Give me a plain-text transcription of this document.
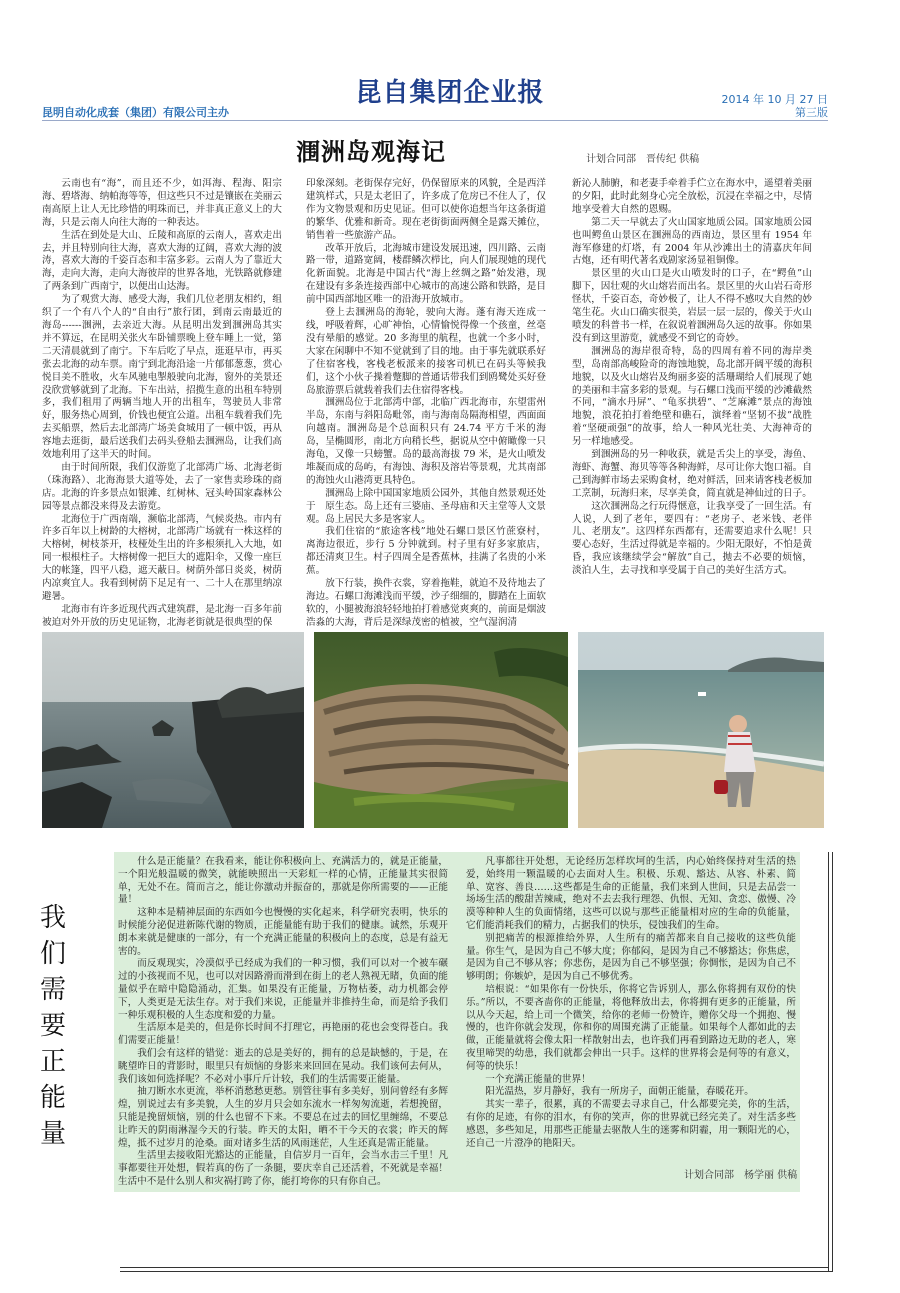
昆自集团企业报
昆明自动化成套（集团）有限公司主办
2014 年 10 月 27 日
第三版
涠洲岛观海记	计划合同部　晋传纪 供稿

云南也有“海”，而且还不少，如洱海、程海、阳宗海、碧塔海、纳帕海等等，但这些只不过是镶嵌在美丽云南高原上让人无比珍惜的明珠而已，并非真正意义上的大海，只是云南人向往大海的一种表达。

生活在到处是大山、丘陵和高原的云南人，喜欢走出去，并且特别向往大海，喜欢大海的辽阔，喜欢大海的波涛，喜欢大海的千姿百态和丰富多彩。云南人为了靠近大海，走向大海，走向大海彼岸的世界各地，光铁路就修建了两条到广西南宁，以便出山达海。

为了观赏大海、感受大海，我们几位老朋友相约，组织了一个有八个人的“自由行”旅行团，到南云南最近的海岛------涠洲，去亲近大海。从昆明出发到涠洲岛其实并不算远，在昆明关张火车卧铺票晚上登车睡上一觉，第二天清晨就到了南宁。下车后吃了早点，逛逛早市，再买张去北海的动车票。南宁到北海沿途一片郁郁葱葱，赏心悦目美不胜收，火车风驰电掣般驶向北海，窗外的美景还没欣赏够就到了北海。下车出站，招揽生意的出租车特别多，我们租用了两辆当地人开的出租车，驾驶员人非常好，服务热心周到，价钱也便宜公道。出租车载着我们先去买船票，然后去北部湾广场美食城用了一顿中饭，再从容地去逛街，最后送我们去码头登船去涠洲岛，让我们高效地利用了这半天的时间。

由于时间所限，我们仅游览了北部湾广场、北海老街（珠海路）、北海海景大道等处，去了一家售卖珍珠的商店。北海的许多景点如银滩、红树林、冠头岭国家森林公园等景点都没来得及去游览。

北海位于广西南端，濒临北部湾，气候炎热。市内有许多百年以上树龄的大榕树，北部湾广场就有一株这样的大榕树，树枝茶开，枝桠处生出的许多根须扎入大地，如同一根根柱子。大榕树像一把巨大的遮阳伞，又像一座巨大的帐篷，四平八稳，遮天蔽日。树荫外部日炎炎，树荫内凉爽宜人。我看到树荫下足足有一、二十人在那里纳凉避暑。

北海市有许多近现代西式建筑群，是北海一百多年前被迫对外开放的历史见证物，北海老街就是很典型的保

印象深刻。老街保存完好，仍保留原来的风貌，全是西洋建筑样式，只是太老旧了，许多成了危房已不住人了，仅作为文物景观和历史见证。但可以使你追想当年这条街道的繁华、优雅和新奇。现在老街街面两侧全是露天摊位，销售着一些旅游产品。

改革开放后，北海城市建设发展迅速，四川路、云南路一带，道路宽阔，楼群鳞次栉比，向人们展现她的现代化新面貌。北海是中国古代“海上丝绸之路”始发港，现在建设有多条连接西部中心城市的高速公路和铁路，是目前中国西部地区唯一的沿海开放城市。

登上去涠洲岛的海轮，驶向大海。蓬有海天连成一线，呼吸着辉，心旷神怡，心情愉悦得像一个孩童，丝毫没有晕船的感觉。20 多海里的航程，也就一个多小时，大家在闲聊中不知不觉就到了目的地。由于事先就联系好了住宿客栈，客栈老板派来的接客司机已在码头等候我们，这个小伙子操着蹩脚的普通话带我们到鸥鹭处买好登岛旅游票后就载着我们去住宿得客栈。

涠洲岛位于北部湾中部，北临广西北海市，东望雷州半岛，东南与斜阳岛毗邻，南与海南岛隔海相望，西面面向越南。涠洲岛是个总面积只有 24.74 平方千米的海岛，呈椭圆形，南北方向稍长些，据说从空中俯瞰像一只海龟，又像一只螃蟹。岛的最高海拔 79 米，是火山喷发堆凝而成的岛屿，有海蚀、海积及溶岩等景观，尤其南部的海蚀火山港湾更具特色。

涠洲岛上除中国国家地质公园外，其他自然景观还处于　原生态。岛上还有三婆庙、圣母庙和天主堂等人文景观。岛上居民大多是客家人。

我们住宿的“旅途客栈”地处石螺口景区竹蔗寮村，离海边很近，步行 5 分钟就到。村子里有好多家旅店，都还清爽卫生。村子四周全是香蕉林，挂满了名贵的小米蕉。

放下行装，换件衣裳，穿着拖鞋，就迫不及待地去了海边。石螺口海滩浅而平缓，沙子细细的，脚踏在上面软软的，小腿被海浪轻轻地拍打着感觉爽爽的，前面是烟波浩淼的大海，背后是深绿茂密的植被，空气湿润清

新沁人肺腑，和老妻手牵着手伫立在海水中，遥望着美丽的夕阳，此时此刻身心完全放松，沉浸在幸福之中，尽情地享受着大自然的恩赐。

第二天一早就去了火山国家地质公园。国家地质公园也叫鳄鱼山景区在涠洲岛的西南边，景区里有 1954 年海军修建的灯塔，有 2004 年从沙滩出土的清嘉庆年间古炮，还有明代著名戏剧家汤显祖铜像。

景区里的火山口是火山喷发时的口子，在“鳄鱼”山脚下，因壮观的火山熔岩而出名。景区里的火山岩石奇形怪状，千姿百态，奇妙极了，让人不得不感叹大自然的妙笔生花。火山口确实很美，岩层一层一层的，像关于火山喷发的科普书一样，在叙说着涠洲岛久远的故事。你如果没有到这里游览，就感受不到它的奇妙。

涠洲岛的海岸很奇特，岛的四周有着不同的海岸类型，岛南部高峻险奇的海蚀地貌，岛北部开阔平缓的海积地貌，以及火山熔岩及绚丽多姿的活珊瑚给人们展现了她的美丽和丰富多彩的景观。与石螺口浅而平缓的沙滩截然不同，“滴水丹屏”、“龟豕拱碧”、“芝麻滩”景点的海蚀地貌，浪花拍打着绝壁和礁石，演绎着“坚韧不拔”战胜着“坚硬顽强”的故事，给人一种风光壮美、大海神奇的另一样地感受。

到涠洲岛的另一种收获，就是舌尖上的享受，海鱼、海虾、海蟹、海贝等等各种海鲜，尽可让你大饱口福。自己到海鲜市场去采购食材，绝对鲜活，回来请客栈老板加工烹制，玩海归来，尽享美食，简直就是神仙过的日子。

这次涠洲岛之行玩得惬意，让我享受了一回生活。有人说，人到了老年，要四有：“老房子、老米钱、老伴儿、老朋友”。这四样东西都有，还需要追求什么呢！只要心态好，生活过得就是幸福的。少阳无限好，不怕是黄昏，我应该继续学会“解放”自己，抛去不必要的烦恼，淡泊人生，去寻找和享受属于自己的美好生活方式。

我
们
需
要
正
能
量

什么是正能量？在我看来，能让你积极向上、充满活力的，就是正能量，一个阳光般温暖的微笑，就能映照出一天彩虹一样的心情，正能量其实很简单，无处不在。简而言之，能让你激动并振奋的，那就是你所需要的——正能量！

这种本是精神层面的东西如今也慢慢的实化起来，科学研究表明，快乐的时候能分泌促进新陈代谢的物质，正能量能有助于我们的健康。诚然，乐观开朗本来就是健康的一部分，有一个充满正能量的积极向上的态度，总是有益无害的。

而反观现实，冷漠似乎已经成为我们的一种习惯，我们可以对一个被车碾过的小孩视而不见，也可以对因路滑而滑到在街上的老人熟视无睹，负面的能量似乎在暗中隐隐涌动，汇集。如果没有正能量，万物枯萎，动力机都会停下，人类更是无法生存。对于我们来说，正能量并非推持生命，而是给予我们一种乐观积极的人生态度和爱的力量。

生活原本是美的，但是你长时间不打理它，再艳丽的花也会变得苍白。我们需要正能量！

我们会有这样的错觉：逝去的总是美好的，拥有的总是缺憾的，于是，在眺望昨日的背影时，眼里只有烦恼的身影来来回回在晃动。我们该何去何从，我们该如何选择呢？不必对小事斤斤计较，我们的生活需要正能量。

抽刀断水水更流，举杯消愁愁更愁。别管往事有多美好，别问曾经有多辉煌，别说过去有多美貌，人生的岁月只会如东流水一样匆匆流逝，若想挽留，只能是挽留烦恼，别的什么也留不下来。不要总在过去的回忆里缠绵，不要总让昨天的阴雨淋湿今天的行装。昨天的太阳，晒不干今天的衣裳；昨天的辉煌，抵不过岁月的沧桑。面对诸多生活的风雨迷茫，人生还真是需正能量。

生活里去接收阳光豁达的正能量，自信岁月一百年，会当水击三千里！凡事都要往开处想，假若真的伤了一条腿，要庆幸自己还活着，不死就是幸福！生活中不是什么别人和灾祸打跨了你，能打垮你的只有你自己。

凡事都往开处想，无论经历怎样坎坷的生活，内心始终保持对生活的热爱，始终用一颗温暖的心去面对人生。积极、乐观、豁达、从容、朴素、简单、宽容、善良……这些都是生命的正能量，我们来到人世间，只是去品尝一场场生活的酸甜苦辣咸，绝对不去去我行理怨、仇恨、无知、贪恋、傲慢、冷漠等种种人生的负面情绪，这些可以说与那些正能量相对应的生命的负能量，它们能消耗我们的精力，占据我们的快乐，侵蚀我们的生命。

别把痛苦的根源推给外界，人生所有的痛苦都来自自己接收的这些负能量。你生气，是因为自己不够大度；你郁闷，是因为自己不够豁达；你焦虑，是因为自己不够从容；你悲伤，是因为自己不够坚强；你惆怅，是因为自己不够明朗；你嫉妒，是因为自己不够优秀。

培根说：“如果你有一份快乐，你将它告诉别人，那么你将拥有双份的快乐。”所以，不要吝啬你的正能量，将他释放出去，你将拥有更多的正能量，所以从今天起，给上司一个微笑，给你的老师一份赞许，赠你父母一个拥抱、慢慢的，也许你就会发现，你和你的周围充满了正能量。如果每个人都如此的去做，正能量就将会像太阳一样散射出去，也许我们再看到路边无助的老人，寒夜里啼哭的幼患，我们就都会伸出一只手。这样的世界将会是何等的有意义，何等的快乐！

一个充满正能量的世界！

阳光温热，岁月静好，我有一所房子，面朝正能量，春暖花开。

其实一辈子，很累，真的不需要去寻求自己，什么都要完美，你的生活，有你的足迹，有你的泪水，有你的笑声，你的世界就已经完美了。对生活多些感恩，多些知足，用那些正能量去驱散人生的迷雾和阴霾，用一颗阳光的心，还自己一片澄净的艳阳天。

计划合同部　杨学丽 供稿
